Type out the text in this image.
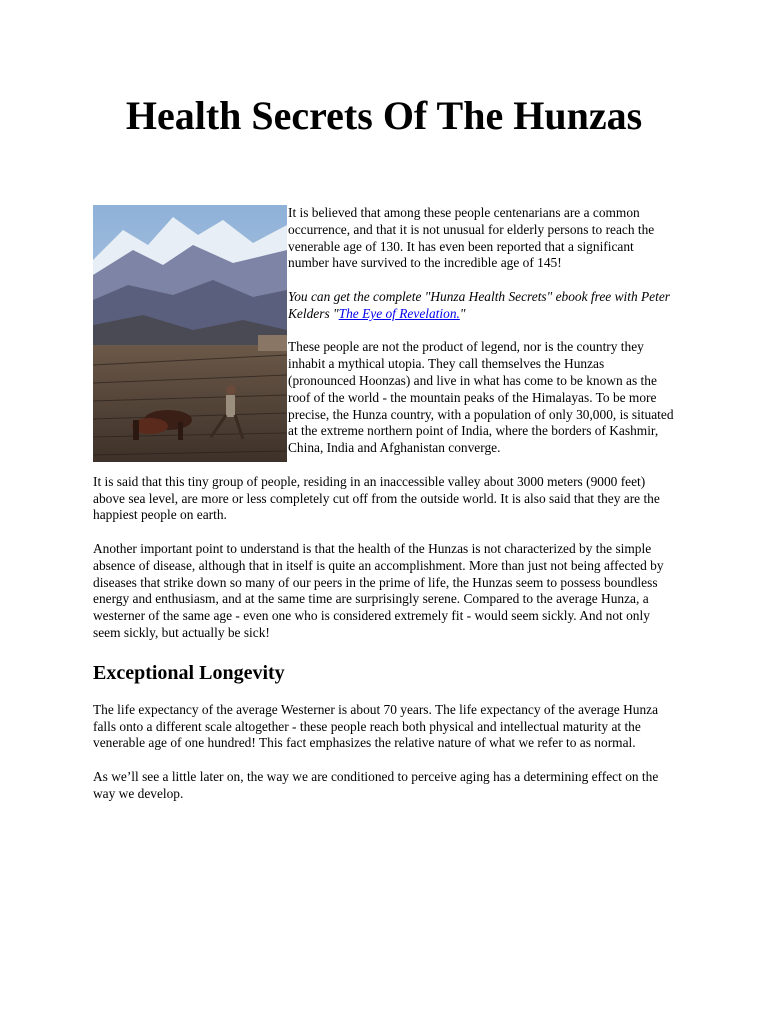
Health Secrets Of The Hunzas

It is believed that among these people centenarians are a common occurrence, and that it is not unusual for elderly persons to reach the venerable age of 130. It has even been reported that a significant number have survived to the incredible age of 145!

You can get the complete "Hunza Health Secrets" ebook free with Peter Kelders "The Eye of Revelation."

These people are not the product of legend, nor is the country they inhabit a mythical utopia. They call themselves the Hunzas (pronounced Hoonzas) and live in what has come to be known as the roof of the world - the mountain peaks of the Himalayas. To be more precise, the Hunza country, with a population of only 30,000, is situated at the extreme northern point of India, where the borders of Kashmir, China, India and Afghanistan converge.

It is said that this tiny group of people, residing in an inaccessible valley about 3000 meters (9000 feet) above sea level, are more or less completely cut off from the outside world. It is also said that they are the happiest people on earth.

Another important point to understand is that the health of the Hunzas is not characterized by the simple absence of disease, although that in itself is quite an accomplishment. More than just not being affected by diseases that strike down so many of our peers in the prime of life, the Hunzas seem to possess boundless energy and enthusiasm, and at the same time are surprisingly serene. Compared to the average Hunza, a westerner of the same age - even one who is considered extremely fit - would seem sickly. And not only seem sickly, but actually be sick!

Exceptional Longevity

The life expectancy of the average Westerner is about 70 years. The life expectancy of the average Hunza falls onto a different scale altogether - these people reach both physical and intellectual maturity at the venerable age of one hundred! This fact emphasizes the relative nature of what we refer to as normal.

As we’ll see a little later on, the way we are conditioned to perceive aging has a determining effect on the way we develop.
